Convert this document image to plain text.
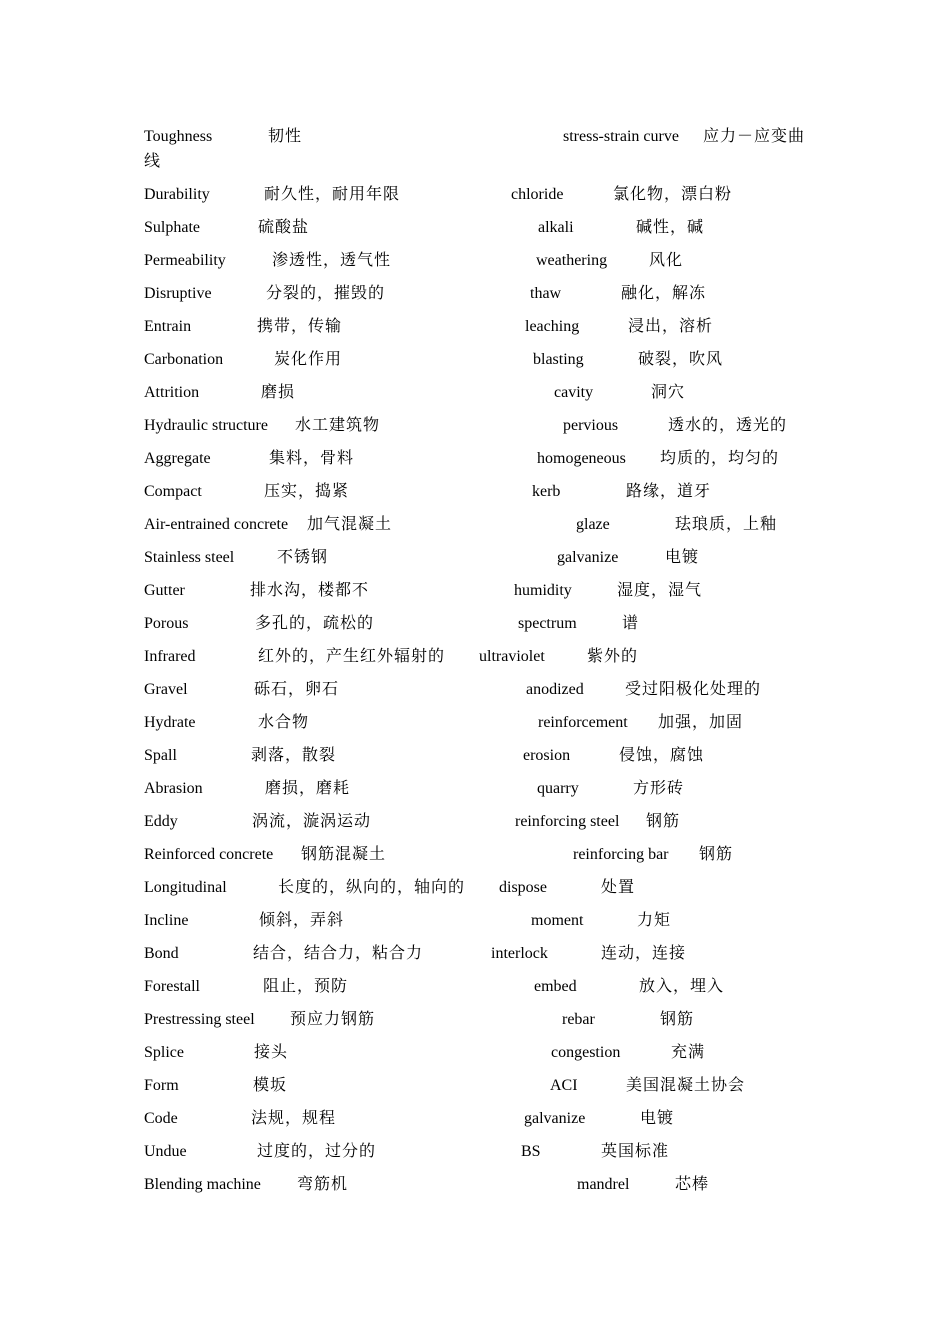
Toughness	韧性	stress-strain curve 应力－应变曲
线
Durability	耐久性，耐用年限	chloride	氯化物，漂白粉
Sulphate	硫酸盐	alkali	碱性，碱
Permeability	渗透性，透气性	weathering	风化
Disruptive	分裂的，摧毁的	thaw	融化，解冻
Entrain	携带，传输	leaching	浸出，溶析
Carbonation	炭化作用	blasting	破裂，吹风
Attrition	磨损	cavity	洞穴
Hydraulic structure 水工建筑物	pervious	透水的，透光的
Aggregate	集料，骨料	homogeneous 均质的，均匀的
Compact	压实，捣紧	kerb	路缘，道牙
Air-entrained concrete 加气混凝土	glaze	珐琅质，上釉
Stainless steel	不锈钢	galvanize	电镀
Gutter	排水沟，楼都不	humidity	湿度，湿气
Porous	多孔的，疏松的	spectrum	谱
Infrared	红外的，产生红外辐射的 ultraviolet	紫外的
Gravel	砾石，卵石	anodized	受过阳极化处理的
Hydrate	水合物	reinforcement 加强，加固
Spall	剥落，散裂	erosion	侵蚀，腐蚀
Abrasion	磨损，磨耗	quarry	方形砖
Eddy	涡流，漩涡运动	reinforcing steel 钢筋
Reinforced concrete 钢筋混凝土	reinforcing bar 钢筋
Longitudinal	长度的，纵向的，轴向的 dispose	处置
Incline	倾斜，弄斜	moment	力矩
Bond	结合，结合力，粘合力	interlock	连动，连接
Forestall	阻止，预防	embed	放入，埋入
Prestressing steel 预应力钢筋	rebar	钢筋
Splice	接头	congestion	充满
Form	模坂	ACI	美国混凝土协会
Code	法规，规程	galvanize	电镀
Undue	过度的，过分的	BS	英国标准
Blending machine 弯筋机	mandrel	芯棒
